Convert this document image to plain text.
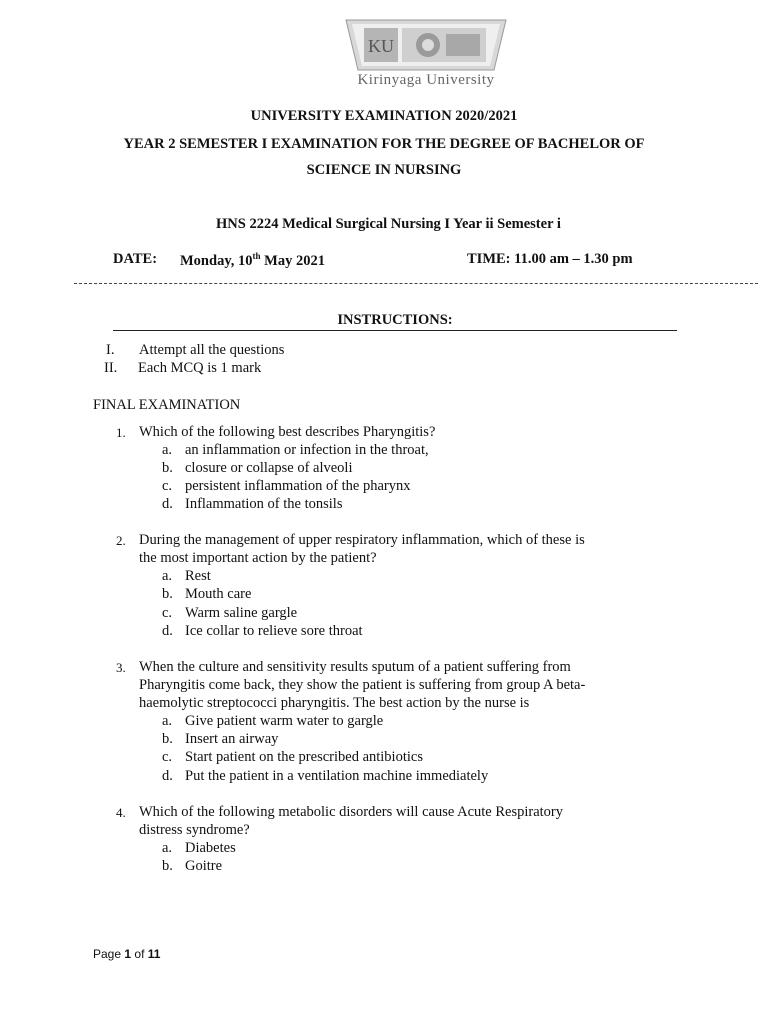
KU
Kirinyaga University
UNIVERSITY EXAMINATION 2020/2021
YEAR 2 SEMESTER I EXAMINATION FOR THE DEGREE OF BACHELOR OF
SCIENCE IN NURSING
HNS 2224 Medical Surgical Nursing I Year ii Semester i
DATE: Monday, 10th May 2021	TIME: 11.00 am – 1.30 pm
INSTRUCTIONS:
I. Attempt all the questions
II. Each MCQ is 1 mark
FINAL EXAMINATION
1. Which of the following best describes Pharyngitis?
a. an inflammation or infection in the throat,
b. closure or collapse of alveoli
c. persistent inflammation of the pharynx
d. Inflammation of the tonsils
2. During the management of upper respiratory inflammation, which of these is
the most important action by the patient?
a. Rest
b. Mouth care
c. Warm saline gargle
d. Ice collar to relieve sore throat
3. When the culture and sensitivity results sputum of a patient suffering from
Pharyngitis come back, they show the patient is suffering from group A beta-
haemolytic streptococci pharyngitis. The best action by the nurse is
a. Give patient warm water to gargle
b. Insert an airway
c. Start patient on the prescribed antibiotics
d. Put the patient in a ventilation machine immediately
4. Which of the following metabolic disorders will cause Acute Respiratory
distress syndrome?
a. Diabetes
b. Goitre
Page 1 of 11
